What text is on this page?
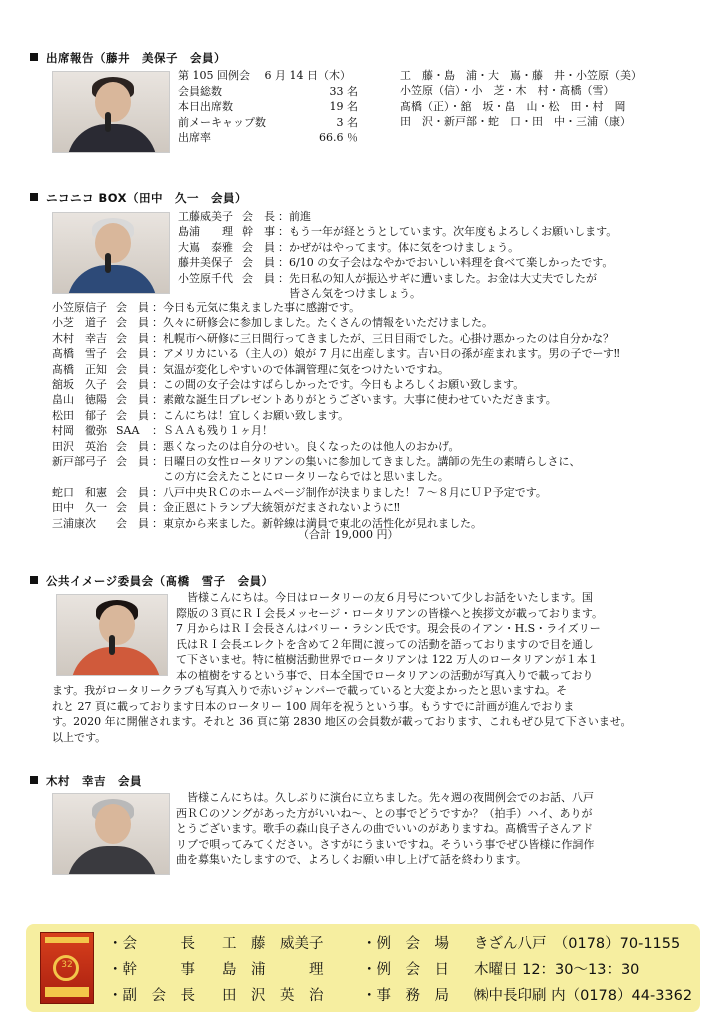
出席報告（藤井　美保子　会員）
第 105 回例会　 6 月 14 日（木）
会員総数	33 名
本日出席数	19 名
前メーキャップ数	3 名
出席率	66.6 ％
工　藤・島　浦・大　嶌・藤　井・小笠原（美）
小笠原（信）・小　芝・木　村・髙橋（雪）
髙橋（正）・舘　坂・畠　山・松　田・村　岡
田　沢・新戸部・蛇　口・田　中・三浦（康）
ニコニコ BOX（田中　久一　会員）
工藤威美子 会　長 ：前進
島浦　　理 幹　事 ：もう一年が経とうとしています。次年度もよろしくお願いします。
大嶌　泰雅 会　員 ：かぜがはやってます。体に気をつけましょう。
藤井美保子 会　員 ：6/10 の女子会はなやかでおいしい料理を食べて楽しかったです。
小笠原千代 会　員 ：先日私の知人が振込サギに遭いました。お金は大丈夫でしたが
　皆さん気をつけましょう。
小笠原信子 会　員 ：今日も元気に集えました事に感謝です。
小芝　道子 会　員 ：久々に研修会に参加しました。たくさんの情報をいただけました。
木村　幸吉 会　員 ：札幌市へ研修に三日間行ってきましたが、三日目雨でした。心掛け悪かったのは自分かな？
髙橋　雪子 会　員 ：アメリカにいる（主人の）娘が 7 月に出産します。吉い日の孫が産まれます。男の子でーす‼
髙橋　正知 会　員 ：気温が変化しやすいので体調管理に気をつけたいですね。
舘坂　久子 会　員 ：この間の女子会はすばらしかったです。今日もよろしくお願い致します。
畠山　徳陽 会　員 ：素敵な誕生日プレゼントありがとうございます。大事に使わせていただきます。
松田　郁子 会　員 ：こんにちは！宜しくお願い致します。
村岡　徹弥 SAA ：ＳＡＡも残り１ヶ月！
田沢　英治 会　員 ：悪くなったのは自分のせい。良くなったのは他人のおかげ。
新戸部弓子 会　員 ：日曜日の女性ロータリアンの集いに参加してきました。講師の先生の素晴らしさに、
　この方に会えたことにロータリーならではと思いました。
蛇口　和憲 会　員 ：八戸中央ＲＣのホームページ制作が決まりました！７～８月にＵＰ予定です。
田中　久一 会　員 ：金正恩にトランプ大統領がだまされないように‼
三浦康次 会　員 ：東京から来ました。新幹線は満員で東北の活性化が見れました。
（合計 19,000 円）
公共イメージ委員会（髙橋　雪子　会員）
　皆様こんにちは。今日はロータリーの友６月号について少しお話をいたします。国
際版の３頁にＲＩ会長メッセージ・ロータリアンの皆様へと挨拶文が載っております。
7 月からはＲＩ会長さんはバリー・ラシン氏です。現会長のイアン・H.S・ライズリー
氏はＲＩ会長エレクトを含めて２年間に渡っての活動を語っておりますので目を通し
て下さいませ。特に植樹活動世界でロータリアンは 122 万人のロータリアンが１本１
本の植樹をするという事で、日本全国でロータリアンの活動が写真入りで載っており
ます。我がロータリークラブも写真入りで赤いジャンパーで載っていると大変よかったと思いますね。そ
れと 27 頁に載っております日本のロータリー 100 周年を祝うという事。もうすでに計画が進んでおりま
す。2020 年に開催されます。それと 36 頁に第 2830 地区の会員数が載っております、これもぜひ見て下さいませ。
以上です。
木村　幸吉　会員
　皆様こんにちは。久しぶりに演台に立ちました。先々週の夜間例会でのお話、八戸
西ＲＣのソングがあった方がいいね～、との事でどうですか？（拍手）ハイ、ありが
とうございます。歌手の森山良子さんの曲でいいのがありますね。髙橋雪子さんアド
リブで唄ってみてください。さすがにうまいですね。そういう事でぜひ皆様に作詞作
曲を募集いたしますので、よろしくお願い申し上げて話を終わります。
32
・会　　　長 工　藤　威美子	・例　会　場 きざん八戸　（0178）70-1155
・幹　　　事 島　浦　　　理	・例　会　日 木曜日 12：30～13：30
・副　会　長 田　沢　英　治	・事　務　局 ㈱中長印刷 内（0178）44-3362
